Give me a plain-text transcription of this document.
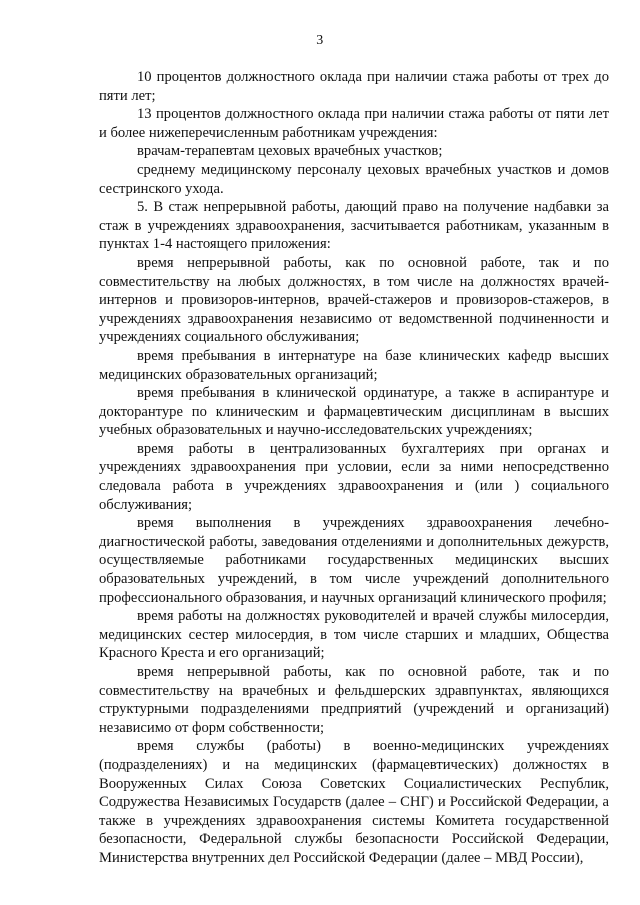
3

10 процентов должностного оклада при наличии стажа работы от трех до пяти лет;

13 процентов должностного оклада при наличии стажа работы от пяти лет и более нижеперечисленным работникам учреждения:

врачам-терапевтам цеховых врачебных участков;

среднему медицинскому персоналу цеховых врачебных участков и домов сестринского ухода.

5. В стаж непрерывной работы, дающий право на получение надбавки за стаж в учреждениях здравоохранения, засчитывается работникам, указанным в пунктах 1-4 настоящего приложения:

время непрерывной работы, как по основной работе, так и по совместительству на любых должностях, в том числе на должностях врачей-интернов и провизоров-интернов, врачей-стажеров и провизоров-стажеров, в учреждениях здравоохранения независимо от ведомственной подчиненности и учреждениях социального обслуживания;

время пребывания в интернатуре на базе клинических кафедр высших медицинских образовательных организаций;

время пребывания в клинической ординатуре, а также в аспирантуре и докторантуре по клиническим и фармацевтическим дисциплинам в высших учебных образовательных и научно-исследовательских учреждениях;

время работы в централизованных бухгалтериях при органах и учреждениях здравоохранения при условии, если за ними непосредственно следовала работа в учреждениях здравоохранения и (или ) социального обслуживания;

время выполнения в учреждениях здравоохранения лечебно-диагностической работы, заведования отделениями и дополнительных дежурств, осуществляемые работниками государственных медицинских высших образовательных учреждений, в том числе учреждений дополнительного профессионального образования, и научных организаций клинического профиля;

время работы на должностях руководителей и врачей службы милосердия, медицинских сестер милосердия, в том числе старших и младших, Общества Красного Креста и его организаций;

время непрерывной работы, как по основной работе, так и по совместительству на врачебных и фельдшерских здравпунктах, являющихся структурными подразделениями предприятий (учреждений и организаций) независимо от форм собственности;

время службы (работы) в военно-медицинских учреждениях (подразделениях) и на медицинских (фармацевтических) должностях в Вооруженных Силах Союза Советских Социалистических Республик, Содружества Независимых Государств (далее – СНГ) и Российской Федерации, а также в учреждениях здравоохранения системы Комитета государственной безопасности, Федеральной службы безопасности Российской Федерации, Министерства внутренних дел Российской Федерации (далее – МВД России),
